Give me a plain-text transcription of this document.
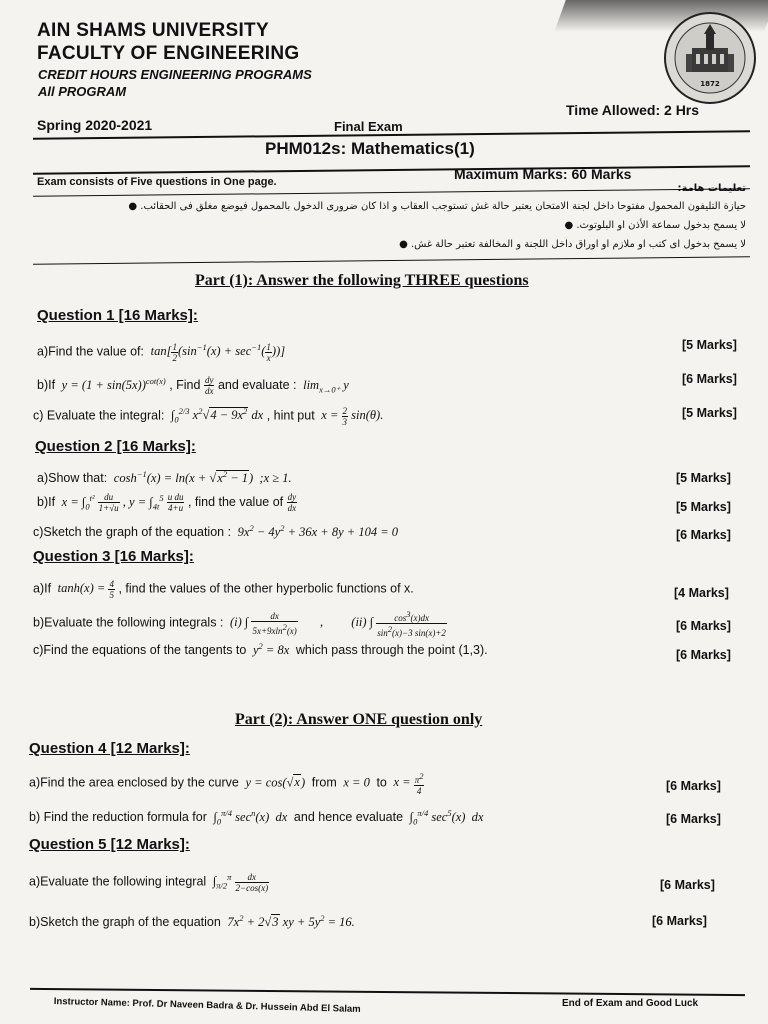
AIN SHAMS UNIVERSITY
FACULTY OF ENGINEERING
CREDIT HOURS ENGINEERING PROGRAMS
All PROGRAM	1872
Spring 2020-2021	Final Exam
Time Allowed: 2 Hrs
PHM012s: Mathematics(1)
Exam consists of Five questions in One page.	Maximum Marks: 60 Marks
تعليمات هامة:
حيازة التليفون المحمول مفتوحا داخل لجنة الامتحان يعتبر حالة غش تستوجب العقاب و اذا كان ضرورى الدخول بالمحمول فيوضع مغلق فى الحقائب. ●
لا يسمح بدخول سماعة الأذن او البلوتوث. ●
لا يسمح بدخول اى كتب او ملازم او اوراق داخل اللجنة و المخالفة تعتبر حالة غش. ●
Part (1): Answer the following THREE questions
Question 1 [16 Marks]:
a)Find the value of:  $\tan[ \frac{1}{2} (\sin^{-1}(x) + \sec^{-1}( \frac{1}{x}$ ))]	[5 Marks]
b)If  $y = (1 + \sin(5x))^{cot(x)}$ , Find $\frac{dy}{dx}$ and evaluate :  $\lim_{x\to 0^+} y$	[6 Marks]
c) Evaluate the integral:  $\int_0^{2/3}$ $x^2√4 - 9x^2$ dx , hint put  $x = \frac{2}{3} \sin(\theta)$.	[5 Marks]
Question 2 [16 Marks]:
a)Show that:  $\cosh^{-1}(x) = \ln(x + √x^2 - 1)$  ;x ≥ 1.	[5 Marks]
b)If  $x = \int_0^{t^2} \frac{du}{1+√u}$ , $y = \int_{4t}^5 \frac{\text{u du}}{4+u}$ , find the value of $\frac{dy}{dx}$	[5 Marks]
c)Sketch the graph of the equation :  $9x^2 - 4y^2 + 36x + 8y + 104 = 0$	[6 Marks]
Question 3 [16 Marks]:
a)If  $\tanh(x) = \frac{4}{5}$ , find the values of the other hyperbolic functions of x.	[4 Marks]
b)Evaluate the following integrals :  (i) ∫ $\frac{dx}{5x+9xln^2(x)}$ ,         (ii) ∫ $\frac{\cos^3(x)dx}{\sin^2(x)-3 \sin(x)+2}$	[6 Marks]
c)Find the equations of the tangents to  $y^2 = 8x$  which pass through the point (1,3).	[6 Marks]
Part (2): Answer ONE question only
Question 4 [12 Marks]:
a)Find the area enclosed by the curve  y = cos(√x)  from  x = 0  to  $x = \frac{\pi^2}{4}$	[6 Marks]
b) Find the reduction formula for  $\int_0^{\pi/4}$ $\sec^n(x)$  dx  and hence evaluate  $\int_0^{\pi/4}$ $\sec^5(x)$  dx	[6 Marks]
Question 5 [12 Marks]:
a)Evaluate the following integral  $\int_{\pi/2}^\pi \frac{dx}{2-\cos(x)}$	[6 Marks]
b)Sketch the graph of the equation  $7x^2 + 2√3$ xy + $5y^2 = 16$.	[6 Marks]
Instructor Name: Prof. Dr Naveen Badra & Dr. Hussein Abd El Salam	End of Exam and Good Luck
